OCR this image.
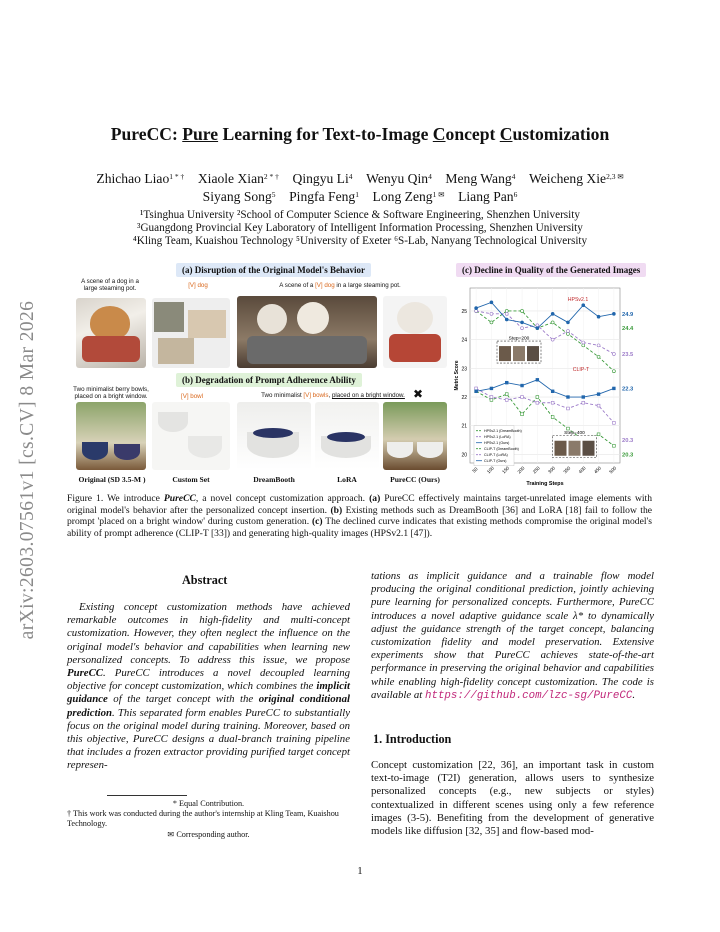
arXiv:2603.07561v1 [cs.CV] 8 Mar 2026
PureCC: Pure Learning for Text-to-Image Concept Customization
Zhichao Liao$^{1 * \dagger}$  Xiaole Xian$^{2 * \dagger}$  Qingyu Li$^4$  Wenyu Qin$^4$  Meng Wang$^4$  Weicheng Xie$^{2,3 ✉}$
Siyang Song$^5$  Pingfa Feng$^1$  Long Zeng$^{1 ✉}$  Liang Pan$^6$
¹Tsinghua University ²School of Computer Science & Software Engineering, Shenzhen University
³Guangdong Provincial Key Laboratory of Intelligent Information Processing, Shenzhen University
⁴Kling Team, Kuaishou Technology ⁵University of Exeter ⁶S-Lab, Nanyang Technological University
(a) Disruption of the Original Model's Behavior
(b) Degradation of Prompt Adherence Ability
(c) Decline in Quality of the Generated Images
A scene of a dog in a large steaming pot.	[V] dog	A scene of a [V] dog in a large steaming pot.
Two minimalist berry bowls, placed on a bright window.	[V] bowl	Two minimalist [V] bowls, placed on a bright window. ✖
Original (SD 3.5-M )	Custom Set	DreamBooth	LoRA	PureCC (Ours)
20
21
22
23
24
25
50 100 150 200 250 300 350 400 450 500
Training Steps
Metric Score
HPSv2.1
CLIP-T
Step=200
Step=400
24.9
24.4
23.5
22.3
20.3
20.3
HPSv2.1 (DreamBooth)
HPSv2.1 (LoRA)
HPSv2.1 (Ours)
CLIP-T (DreamBooth)
CLIP-T (LoRA)
CLIP-T (Ours)
Figure 1. We introduce PureCC, a novel concept customization approach. (a) PureCC effectively maintains target-unrelated image elements with original model's behavior after the personalized concept insertion. (b) Existing methods such as DreamBooth [36] and LoRA [18] fail to follow the prompt 'placed on a bright window' during custom generation. (c) The declined curve indicates that existing methods compromise the original model's ability of prompt adherence (CLIP-T [33]) and generating high-quality images (HPSv2.1 [47]).
Abstract
Existing concept customization methods have achieved remarkable outcomes in high-fidelity and multi-concept customization. However, they often neglect the influence on the original model's behavior and capabilities when learning new personalized concepts. To address this issue, we propose PureCC. PureCC introduces a novel decoupled learning objective for concept customization, which combines the implicit guidance of the target concept with the original conditional prediction. This separated form enables PureCC to substantially focus on the original model during training. Moreover, based on this objective, PureCC designs a dual-branch training pipeline that includes a frozen extractor providing purified target concept represen-
tations as implicit guidance and a trainable flow model producing the original conditional prediction, jointly achieving pure learning for personalized concepts. Furthermore, PureCC introduces a novel adaptive guidance scale λ* to dynamically adjust the guidance strength of the target concept, balancing customization fidelity and model preservation. Extensive experiments show that PureCC achieves state-of-the-art performance in preserving the original behavior and capabilities while enabling high-fidelity concept customization. The code is available at https://github.com/lzc-sg/PureCC.
1. Introduction
Concept customization [22, 36], an important task in custom text-to-image (T2I) generation, allows users to synthesize personalized concepts (e.g., new subjects or styles) contextualized in different scenes using only a few reference images (3-5). Benefiting from the development of generative models like diffusion [32, 35] and flow-based mod-
* Equal Contribution.
† This work was conducted during the author's internship at Kling Team, Kuaishou Technology.
✉ Corresponding author.
1
